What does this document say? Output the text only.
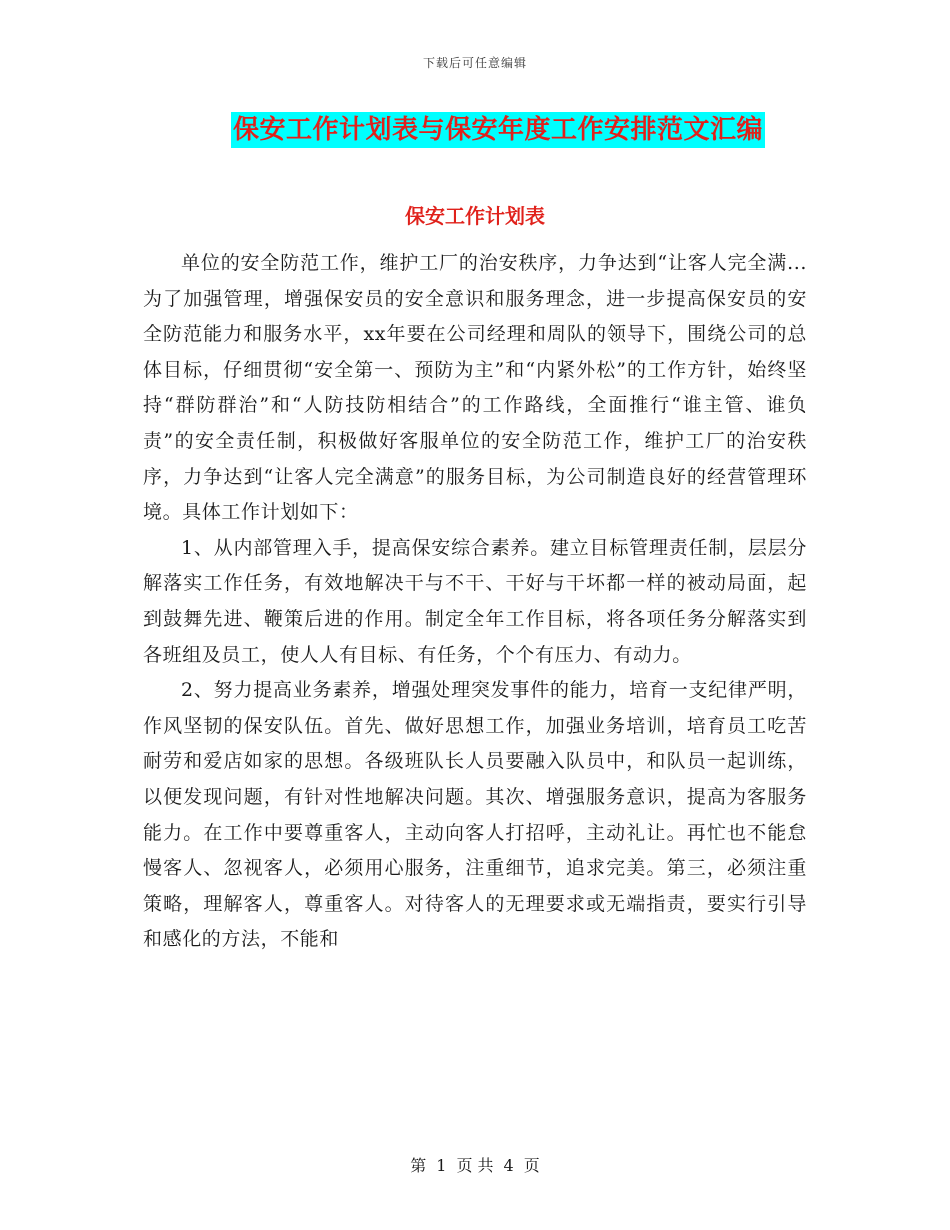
下载后可任意编辑
保安工作计划表与保安年度工作安排范文汇编
保安工作计划表

单位的安全防范工作，维护工厂的治安秩序，力争达到“让客人完全满...为了加强管理，增强保安员的安全意识和服务理念，进一步提高保安员的安全防范能力和服务水平，xx年要在公司经理和周队的领导下，围绕公司的总体目标，仔细贯彻“安全第一、预防为主”和“内紧外松”的工作方针，始终坚持“群防群治”和“人防技防相结合”的工作路线，全面推行“谁主管、谁负责”的安全责任制，积极做好客服单位的安全防范工作，维护工厂的治安秩序，力争达到“让客人完全满意”的服务目标，为公司制造良好的经营管理环境。具体工作计划如下：

1、从内部管理入手，提高保安综合素养。建立目标管理责任制，层层分解落实工作任务，有效地解决干与不干、干好与干坏都一样的被动局面，起到鼓舞先进、鞭策后进的作用。制定全年工作目标，将各项任务分解落实到各班组及员工，使人人有目标、有任务，个个有压力、有动力。

2、努力提高业务素养，增强处理突发事件的能力，培育一支纪律严明，作风坚韧的保安队伍。首先、做好思想工作，加强业务培训，培育员工吃苦耐劳和爱店如家的思想。各级班队长人员要融入队员中，和队员一起训练，以便发现问题，有针对性地解决问题。其次、增强服务意识，提高为客服务能力。在工作中要尊重客人，主动向客人打招呼，主动礼让。再忙也不能怠慢客人、忽视客人，必须用心服务，注重细节，追求完美。第三，必须注重策略，理解客人，尊重客人。对待客人的无理要求或无端指责，要实行引导和感化的方法，不能和

第 1 页 共 4 页
